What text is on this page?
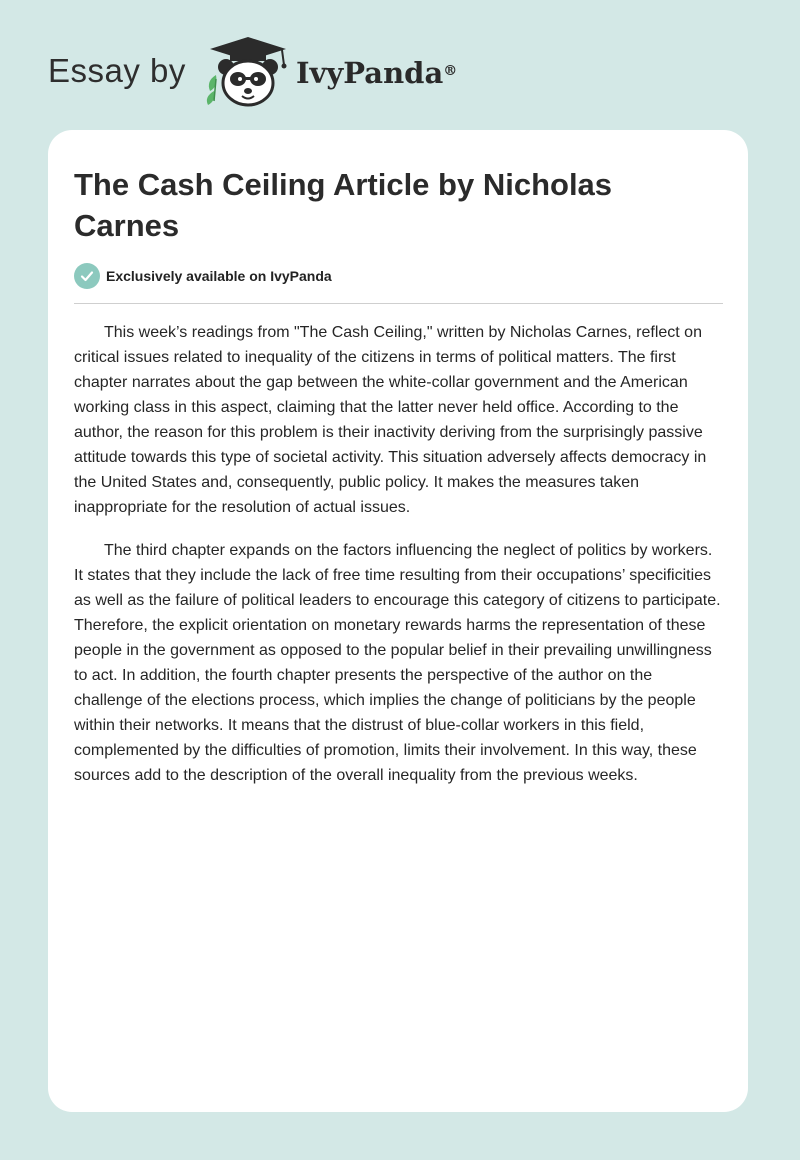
Essay by	IvyPanda®
The Cash Ceiling Article by Nicholas Carnes
Exclusively available on IvyPanda

This week’s readings from "The Cash Ceiling," written by Nicholas Carnes, reflect on critical issues related to inequality of the citizens in terms of political matters. The first chapter narrates about the gap between the white-collar government and the American working class in this aspect, claiming that the latter never held office. According to the author, the reason for this problem is their inactivity deriving from the surprisingly passive attitude towards this type of societal activity. This situation adversely affects democracy in the United States and, consequently, public policy. It makes the measures taken inappropriate for the resolution of actual issues.

The third chapter expands on the factors influencing the neglect of politics by workers. It states that they include the lack of free time resulting from their occupations’ specificities as well as the failure of political leaders to encourage this category of citizens to participate. Therefore, the explicit orientation on monetary rewards harms the representation of these people in the government as opposed to the popular belief in their prevailing unwillingness to act. In addition, the fourth chapter presents the perspective of the author on the challenge of the elections process, which implies the change of politicians by the people within their networks. It means that the distrust of blue-collar workers in this field, complemented by the difficulties of promotion, limits their involvement. In this way, these sources add to the description of the overall inequality from the previous weeks.
